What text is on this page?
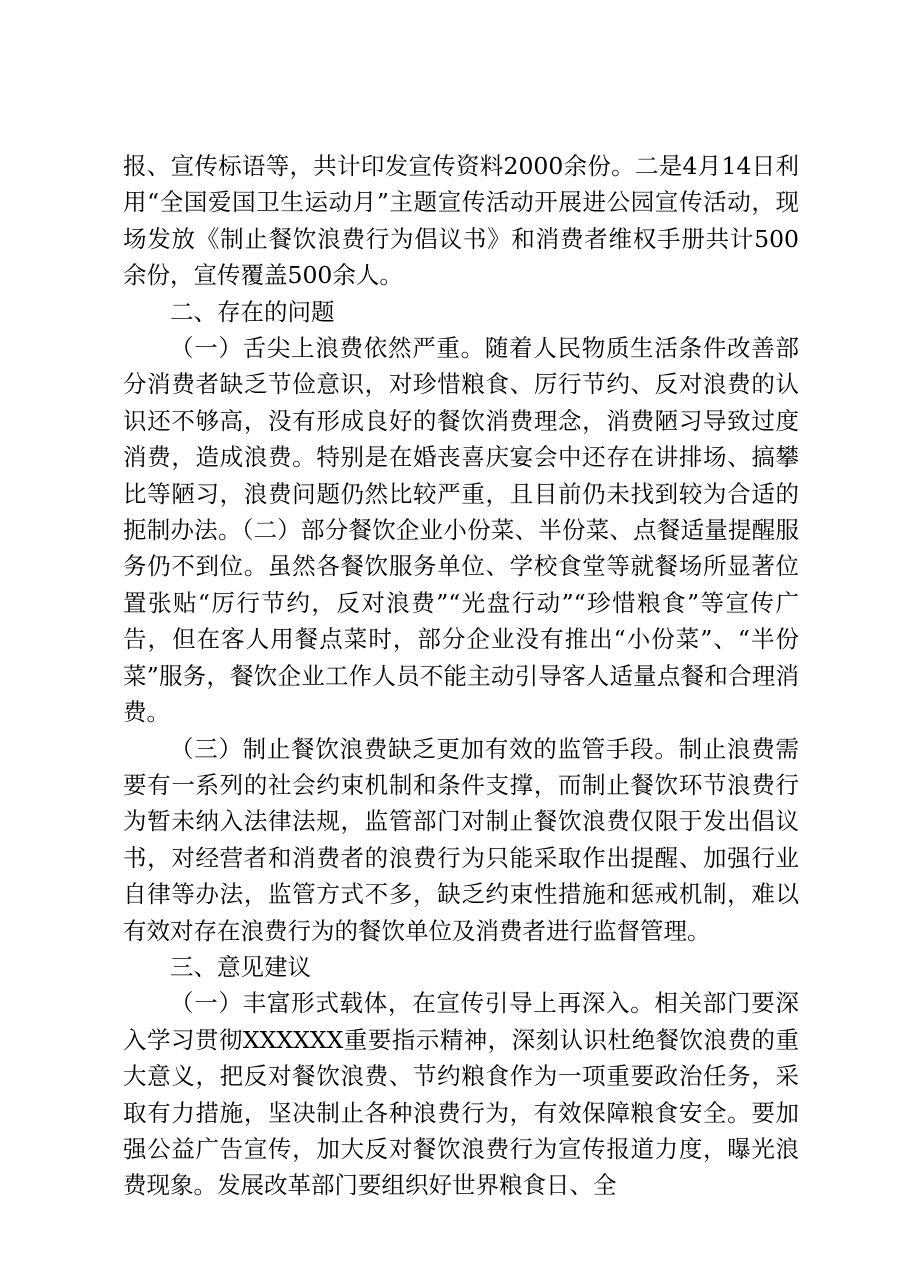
报、宣传标语等，共计印发宣传资料2000余份。二是4月14日利用“全国爱国卫生运动月”主题宣传活动开展进公园宣传活动，现场发放《制止餐饮浪费行为倡议书》和消费者维权手册共计500余份，宣传覆盖500余人。

二、存在的问题

（一）舌尖上浪费依然严重。随着人民物质生活条件改善部分消费者缺乏节俭意识，对珍惜粮食、厉行节约、反对浪费的认识还不够高，没有形成良好的餐饮消费理念，消费陋习导致过度消费，造成浪费。特别是在婚丧喜庆宴会中还存在讲排场、搞攀比等陋习，浪费问题仍然比较严重，且目前仍未找到较为合适的扼制办法。（二）部分餐饮企业小份菜、半份菜、点餐适量提醒服务仍不到位。虽然各餐饮服务单位、学校食堂等就餐场所显著位置张贴“厉行节约，反对浪费”“光盘行动”“珍惜粮食”等宣传广告，但在客人用餐点菜时，部分企业没有推出“小份菜”、“半份菜”服务，餐饮企业工作人员不能主动引导客人适量点餐和合理消费。

（三）制止餐饮浪费缺乏更加有效的监管手段。制止浪费需要有一系列的社会约束机制和条件支撑，而制止餐饮环节浪费行为暂未纳入法律法规，监管部门对制止餐饮浪费仅限于发出倡议书，对经营者和消费者的浪费行为只能采取作出提醒、加强行业自律等办法，监管方式不多，缺乏约束性措施和惩戒机制，难以有效对存在浪费行为的餐饮单位及消费者进行监督管理。

三、意见建议

（一）丰富形式载体，在宣传引导上再深入。相关部门要深入学习贯彻XXXXXX重要指示精神，深刻认识杜绝餐饮浪费的重大意义，把反对餐饮浪费、节约粮食作为一项重要政治任务，采取有力措施，坚决制止各种浪费行为，有效保障粮食安全。要加强公益广告宣传，加大反对餐饮浪费行为宣传报道力度，曝光浪费现象。发展改革部门要组织好世界粮食日、全
